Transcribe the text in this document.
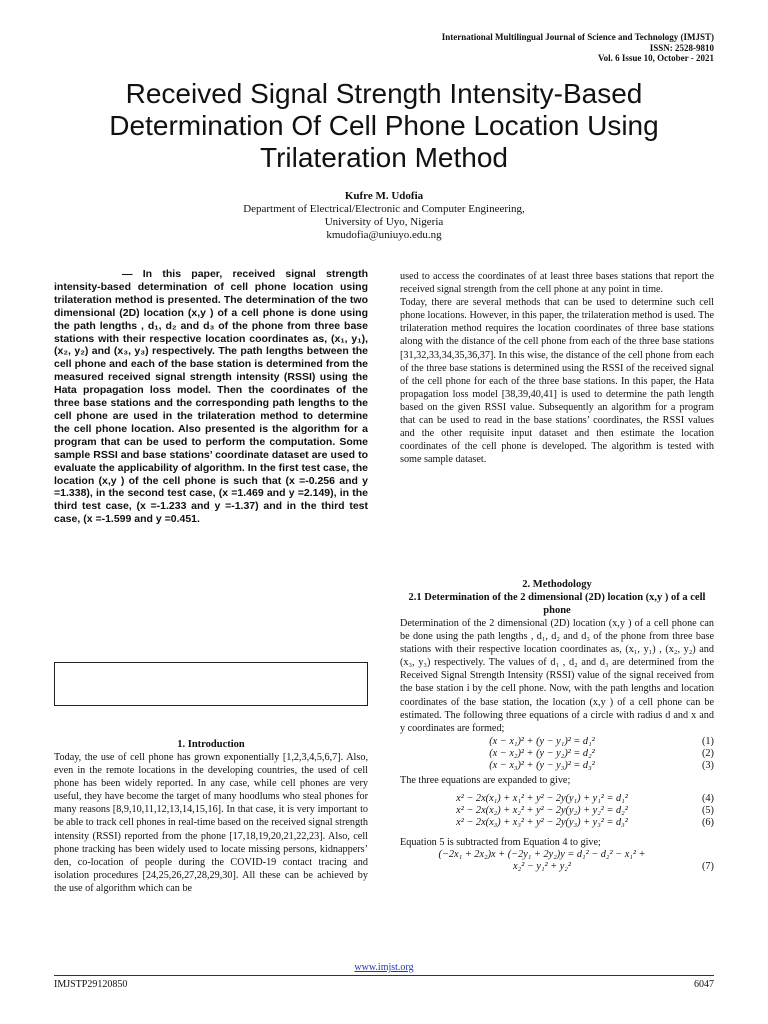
International Multilingual Journal of Science and Technology (IMJST)
ISSN: 2528-9810
Vol. 6 Issue 10, October - 2021
Received Signal Strength Intensity-Based Determination Of Cell Phone Location Using Trilateration Method
Kufre M. Udofia
Department of Electrical/Electronic and Computer Engineering,
University of Uyo, Nigeria
kmudofia@uniuyo.edu.ng

— In this paper, received signal strength intensity-based determination of cell phone location using trilateration method is presented. The determination of the two dimensional (2D) location (x,y ) of a cell phone is done using the path lengths , d₁, d₂ and d₃ of the phone from three base stations with their respective location coordinates as, (x₁, y₁), (x₂, y₂) and (x₃, y₃) respectively. The path lengths between the cell phone and each of the base station is determined from the measured received signal strength intensity (RSSI) using the Hata propagation loss model. Then the coordinates of the three base stations and the corresponding path lengths to the cell phone are used in the trilateration method to determine the cell phone location. Also presented is the algorithm for a program that can be used to perform the computation. Some sample RSSI and base stations’ coordinate dataset are used to evaluate the applicability of algorithm. In the first test case, the location (x,y ) of the cell phone is such that (x =-0.256 and y =1.338), in the second test case, (x =1.469 and y =2.149), in the third test case, (x =-1.233 and y =-1.37) and in the third test case, (x =-1.599 and y =0.451.

1. Introduction

Today, the use of cell phone has grown exponentially [1,2,3,4,5,6,7]. Also, even in the remote locations in the developing countries, the used of cell phone has been widely reported. In any case, while cell phones are very useful, they have become the target of many hoodlums who steal phones for many reasons [8,9,10,11,12,13,14,15,16]. In that case, it is very important to be able to track cell phones in real-time based on the received signal strength intensity (RSSI) reported from the phone [17,18,19,20,21,22,23]. Also, cell phone tracking has been widely used to locate missing persons, kidnappers’ den, co-location of people during the COVID-19 contact tracing and isolation procedures [24,25,26,27,28,29,30]. All these can be achieved by the use of algorithm which can be

used to access the coordinates of at least three bases stations that report the received signal strength from the cell phone at any point in time.

Today, there are several methods that can be used to determine such cell phone locations. However, in this paper, the trilateration method is used. The trilateration method requires the location coordinates of three base stations along with the distance of the cell phone from each of the three base stations [31,32,33,34,35,36,37]. In this wise, the distance of the cell phone from each of the three base stations is determined using the RSSI of the received signal of the cell phone for each of the three base stations. In this paper, the Hata propagation loss model [38,39,40,41] is used to determine the path length based on the given RSSI value. Subsequently an algorithm for a program that can be used to read in the base stations’ coordinates, the RSSI values and the other requisite input dataset and then estimate the location coordinates of the cell phone is developed. The algorithm is tested with some sample dataset.

2. Methodology

2.1 Determination of the 2 dimensional (2D) location (x,y ) of a cell phone

Determination of the 2 dimensional (2D) location (x,y ) of a cell phone can be done using the path lengths , d₁, d₂ and d₃ of the phone from three base stations with their respective location coordinates as, (x₁, y₁) , (x₂, y₂) and (x₃, y₃) respectively. The values of d₁ , d₂ and d₃ are determined from the Received Signal Strength Intensity (RSSI) value of the signal received from the base station i by the cell phone. Now, with the path lengths and location coordinates of the base station, the location (x,y ) of a cell phone can be estimated. The following three equations of a circle with radius d and x and y coordinates are formed;

(x − x₁)² + (y − y₁)² = d₁²	(1)
(x − x₂)² + (y − y₂)² = d₂²	(2)
(x − x₃)² + (y − y₃)² = d₃²	(3)

The three equations are expanded to give;

x² − 2x(x₁) + x₁² + y² − 2y(y₁) + y₁² = d₁²	(4)
x² − 2x(x₂) + x₂² + y² − 2y(y₂) + y₂² = d₂²	(5)
x² − 2x(x₃) + x₃² + y² − 2y(y₃) + y₃² = d₃²	(6)

Equation 5 is subtracted from Equation 4 to give;

(−2x₁ + 2x₂)x + (−2y₁ + 2y₂)y = d₁² − d₂² − x₁² +
x₂² − y₁² + y₂²	(7)
www.imjst.org
IMJSTP29120850	6047
